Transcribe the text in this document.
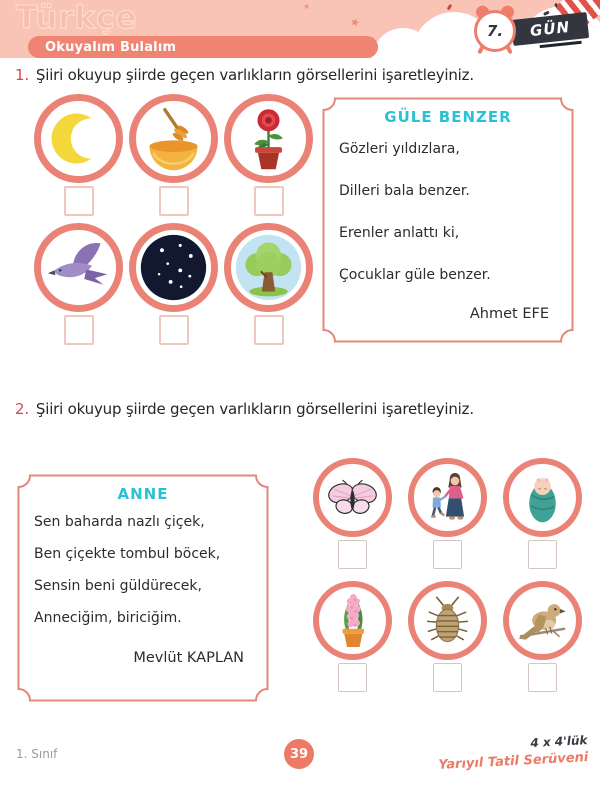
Türkçe	★
★
Okuyalım Bulalım
GÜN
7.
1. Şiiri okuyup şiirde geçen varlıkların görsellerini işaretleyiniz.
GÜLE BENZER
Gözleri yıldızlara,
Dilleri bala benzer.
Erenler anlattı ki,
Çocuklar güle benzer.
Ahmet EFE
2. Şiiri okuyup şiirde geçen varlıkların görsellerini işaretleyiniz.
ANNE
Sen baharda nazlı çiçek,
Ben çiçekte tombul böcek,
Sensin beni güldürecek,
Anneciğim, biriciğim.
Mevlüt KAPLAN
1. Sınıf	39
4 x 4'lük
Yarıyıl Tatil Serüveni
